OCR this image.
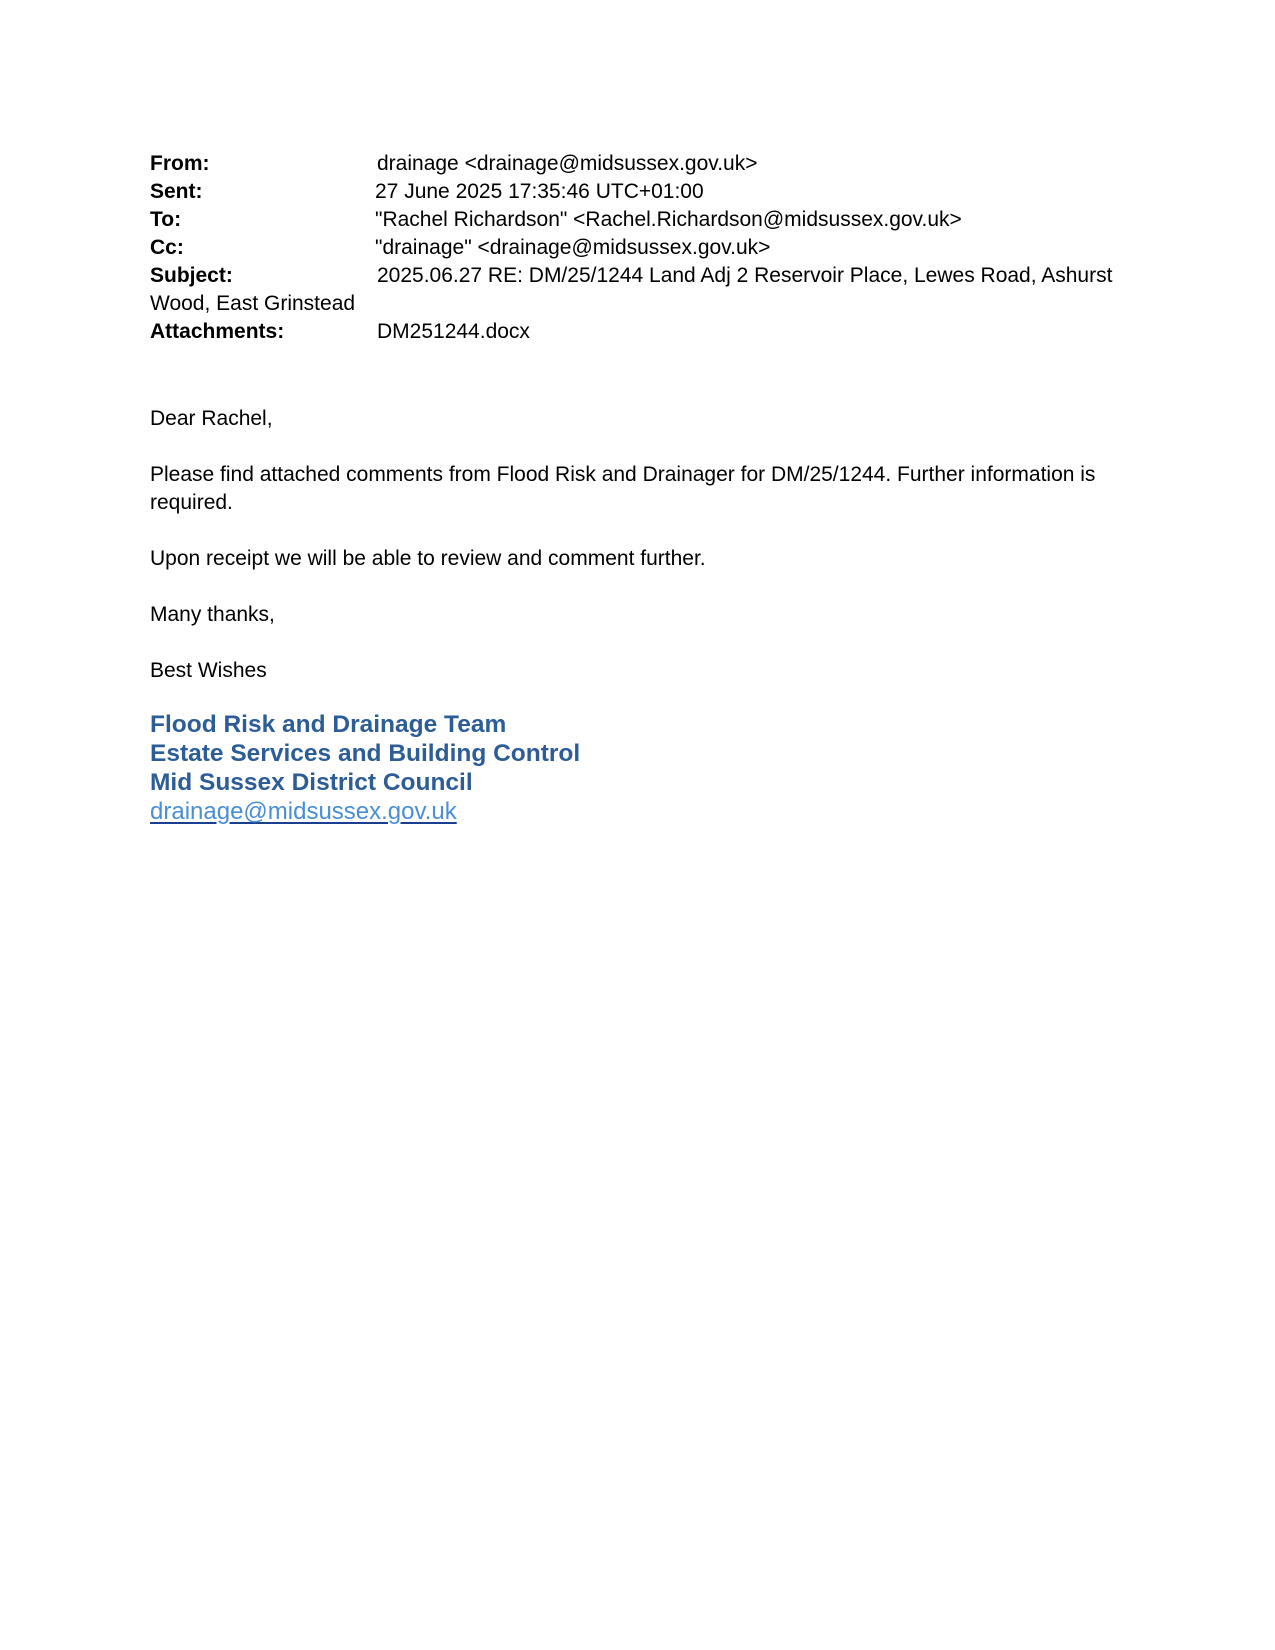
From:	drainage <drainage@midsussex.gov.uk>
Sent:	27 June 2025 17:35:46 UTC+01:00
To:	"Rachel Richardson" <Rachel.Richardson@midsussex.gov.uk>
Cc:	"drainage" <drainage@midsussex.gov.uk>
Subject:	2025.06.27 RE: DM/25/1244 Land Adj 2 Reservoir Place, Lewes Road, Ashurst
Wood, East Grinstead
Attachments:	DM251244.docx

Dear Rachel,

Please find attached comments from Flood Risk and Drainager for DM/25/1244. Further information is required.

Upon receipt we will be able to review and comment further.

Many thanks,

Best Wishes

Flood Risk and Drainage Team
Estate Services and Building Control
Mid Sussex District Council
drainage@midsussex.gov.uk
